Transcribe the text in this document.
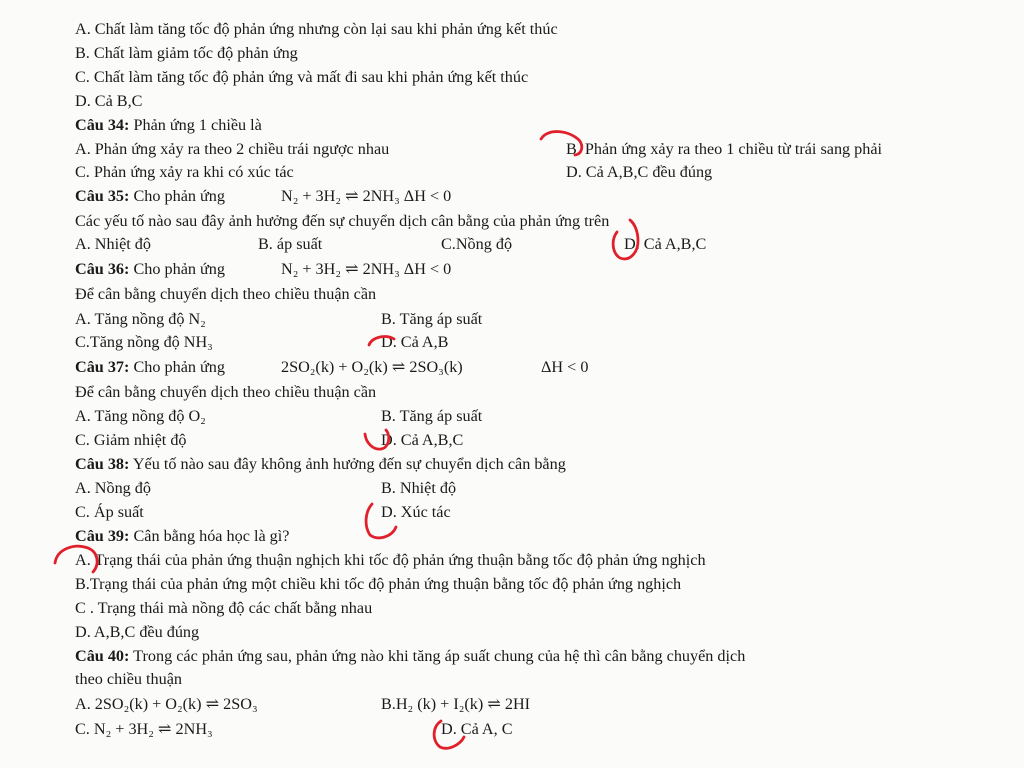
A. Chất làm tăng tốc độ phản ứng nhưng còn lại sau khi phản ứng kết thúc
B. Chất làm giảm tốc độ phản ứng
C. Chất làm tăng tốc độ phản ứng và mất đi sau khi phản ứng kết thúc
D. Cả B,C
Câu 34: Phản ứng 1 chiều là
A. Phản ứng xảy ra theo 2 chiều trái ngược nhau	B. Phản ứng xảy ra theo 1 chiều từ trái sang phải
C. Phản ứng xảy ra khi có xúc tác	D. Cả A,B,C đều đúng
Câu 35: Cho phản ứng	N₂ + 3H₂ ⇌ 2NH₃ ΔH < 0
Các yếu tố nào sau đây ảnh hưởng đến sự chuyển dịch cân bằng của phản ứng trên
A. Nhiệt độ	B. áp suất	C.Nồng độ	D. Cả A,B,C
Câu 36: Cho phản ứng	N₂ + 3H₂ ⇌ 2NH₃ ΔH < 0
Để cân bằng chuyển dịch theo chiều thuận cần
A. Tăng nồng độ N₂	B. Tăng áp suất
C.Tăng nồng độ NH₃	D. Cả A,B
Câu 37: Cho phản ứng	2SO₂(k) + O₂(k) ⇌ 2SO₃(k)	ΔH < 0
Để cân bằng chuyển dịch theo chiều thuận cần
A. Tăng nồng độ O₂	B. Tăng áp suất
C. Giảm nhiệt độ	D. Cả A,B,C
Câu 38: Yếu tố nào sau đây không ảnh hưởng đến sự chuyển dịch cân bằng
A. Nồng độ	B. Nhiệt độ
C. Áp suất	D. Xúc tác
Câu 39: Cân bằng hóa học là gì?
A. Trạng thái của phản ứng thuận nghịch khi tốc độ phản ứng thuận bằng tốc độ phản ứng nghịch
B.Trạng thái của phản ứng một chiều khi tốc độ phản ứng thuận bằng tốc độ phản ứng nghịch
C . Trạng thái mà nồng độ các chất bằng nhau
D. A,B,C đều đúng
Câu 40: Trong các phản ứng sau, phản ứng nào khi tăng áp suất chung của hệ thì cân bằng chuyển dịch
theo chiều thuận
A. 2SO₂(k) + O₂(k) ⇌ 2SO₃	B.H₂ (k) + I₂(k) ⇌ 2HI
C. N₂ + 3H₂ ⇌ 2NH₃	D. Cả A, C
